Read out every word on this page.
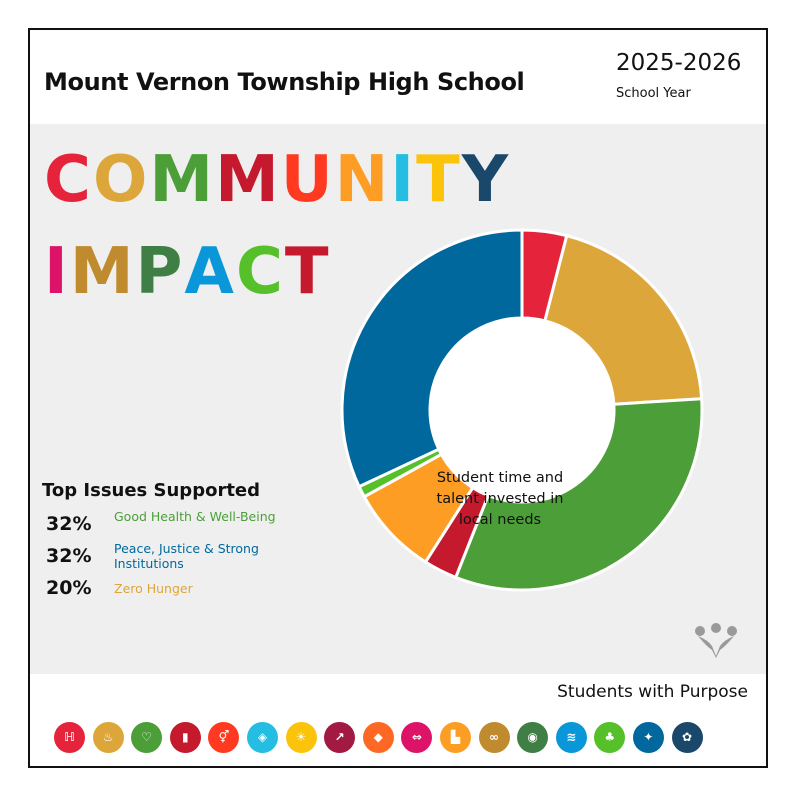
Mount Vernon Township High School
2025-2026
School Year
COMMUNITY
IMPACT
Top Issues Supported
32% Good Health & Well-Being
32% Peace, Justice & Strong Institutions
20% Zero Hunger
Student time and talent invested in local needs
Students with Purpose
ℍ ♨ ♡ ▮ ⚥ ◈ ☀ ↗ ◆ ⇔ ▙ ∞ ◉ ≋ ♣ ✦ ✿
